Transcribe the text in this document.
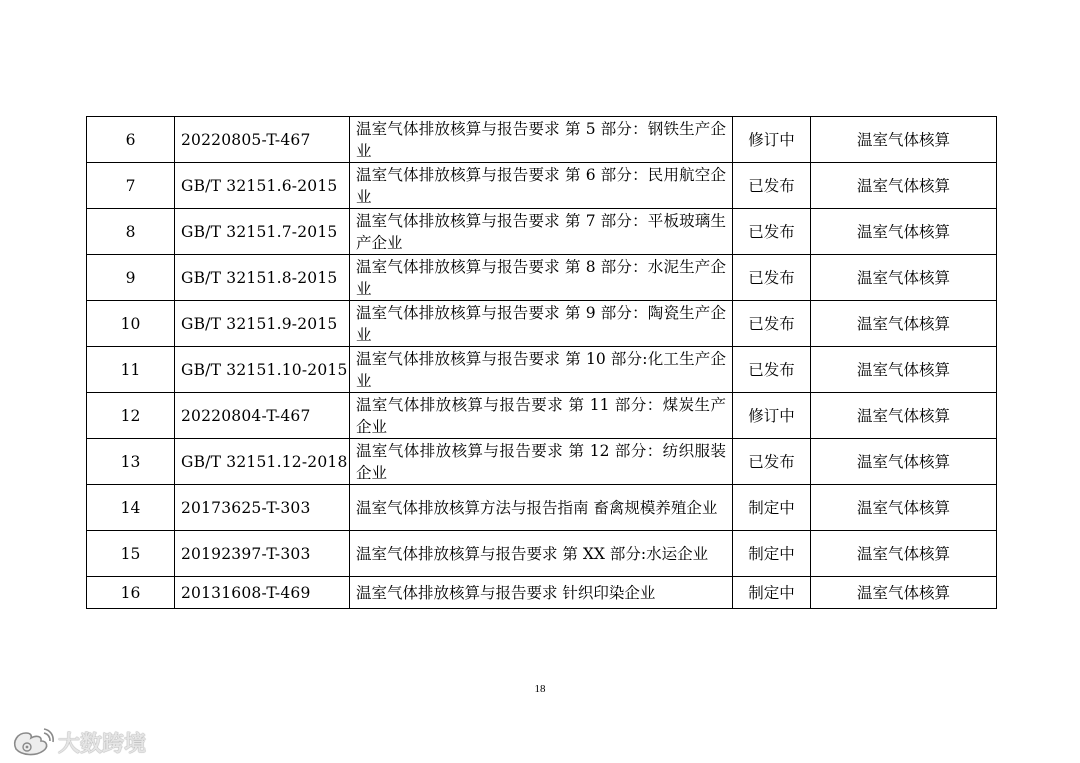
6	20220805-T-467	温室气体排放核算与报告要求 第 5 部分：钢铁生产企业	修订中	温室气体核算
7	GB/T 32151.6-2015	温室气体排放核算与报告要求 第 6 部分：民用航空企业	已发布	温室气体核算
8	GB/T 32151.7-2015	温室气体排放核算与报告要求 第 7 部分：平板玻璃生产企业	已发布	温室气体核算
9	GB/T 32151.8-2015	温室气体排放核算与报告要求 第 8 部分：水泥生产企业	已发布	温室气体核算
10	GB/T 32151.9-2015	温室气体排放核算与报告要求 第 9 部分：陶瓷生产企业	已发布	温室气体核算
11	GB/T 32151.10-2015	温室气体排放核算与报告要求 第 10 部分:化工生产企业	已发布	温室气体核算
12	20220804-T-467	温室气体排放核算与报告要求 第 11 部分：煤炭生产企业	修订中	温室气体核算
13	GB/T 32151.12-2018	温室气体排放核算与报告要求 第 12 部分：纺织服装企业	已发布	温室气体核算
14	20173625-T-303	温室气体排放核算方法与报告指南 畜禽规模养殖企业	制定中	温室气体核算
15	20192397-T-303	温室气体排放核算与报告要求 第 XX 部分:水运企业	制定中	温室气体核算
16	20131608-T-469	温室气体排放核算与报告要求 针织印染企业	制定中	温室气体核算
18
大数跨境
